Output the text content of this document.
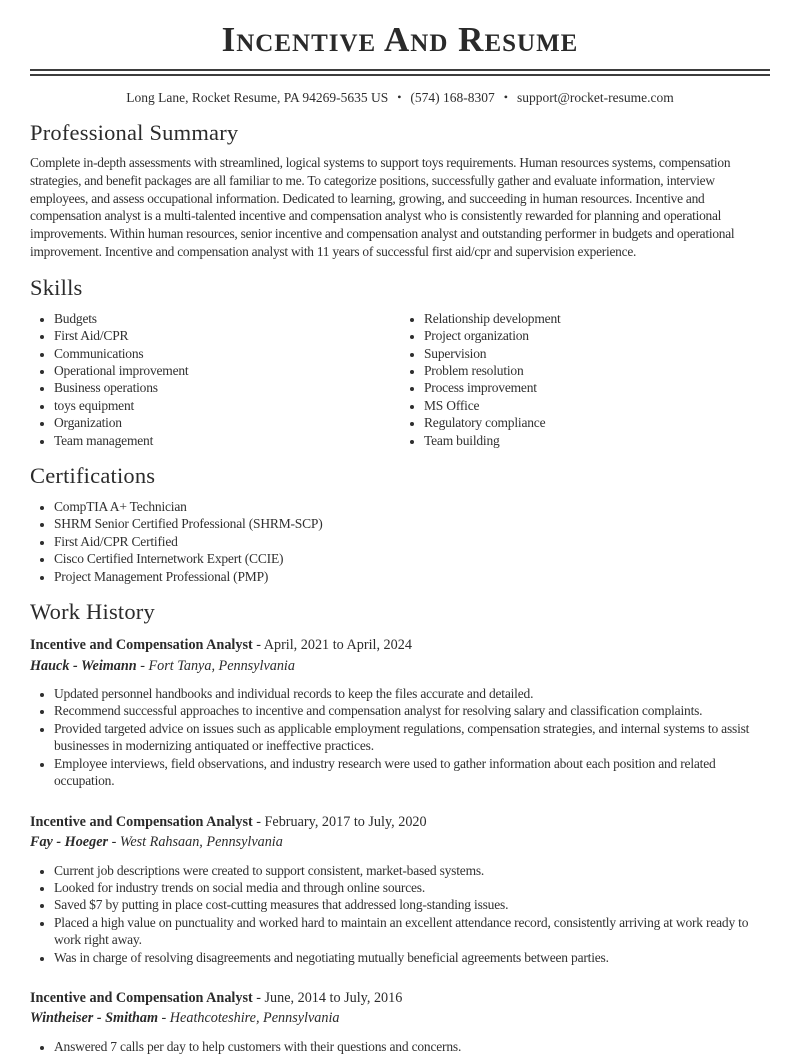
Incentive And Resume
Long Lane, Rocket Resume, PA 94269-5635 US • (574) 168-8307 • support@rocket-resume.com
Professional Summary

Complete in-depth assessments with streamlined, logical systems to support toys requirements. Human resources systems, compensation strategies, and benefit packages are all familiar to me. To categorize positions, successfully gather and evaluate information, interview employees, and assess occupational information. Dedicated to learning, growing, and succeeding in human resources. Incentive and compensation analyst is a multi-talented incentive and compensation analyst who is consistently rewarded for planning and operational improvements. Within human resources, senior incentive and compensation analyst and outstanding performer in budgets and operational improvement. Incentive and compensation analyst with 11 years of successful first aid/cpr and supervision experience.

Skills
• Budgets
• First Aid/CPR
• Communications
• Operational improvement
• Business operations
• toys equipment
• Organization
• Team management
• Relationship development
• Project organization
• Supervision
• Problem resolution
• Process improvement
• MS Office
• Regulatory compliance
• Team building
Certifications
• CompTIA A+ Technician
• SHRM Senior Certified Professional (SHRM-SCP)
• First Aid/CPR Certified
• Cisco Certified Internetwork Expert (CCIE)
• Project Management Professional (PMP)
Work History

Incentive and Compensation Analyst - April, 2021 to April, 2024

Hauck - Weimann - Fort Tanya, Pennsylvania

• Updated personnel handbooks and individual records to keep the files accurate and detailed.
• Recommend successful approaches to incentive and compensation analyst for resolving salary and classification complaints.
• Provided targeted advice on issues such as applicable employment regulations, compensation strategies, and internal systems to assist businesses in modernizing antiquated or ineffective practices.
• Employee interviews, field observations, and industry research were used to gather information about each position and related occupation.

Incentive and Compensation Analyst - February, 2017 to July, 2020

Fay - Hoeger - West Rahsaan, Pennsylvania

• Current job descriptions were created to support consistent, market-based systems.
• Looked for industry trends on social media and through online sources.
• Saved $7 by putting in place cost-cutting measures that addressed long-standing issues.
• Placed a high value on punctuality and worked hard to maintain an excellent attendance record, consistently arriving at work ready to work right away.
• Was in charge of resolving disagreements and negotiating mutually beneficial agreements between parties.

Incentive and Compensation Analyst - June, 2014 to July, 2016

Wintheiser - Smitham - Heathcoteshire, Pennsylvania

• Answered 7 calls per day to help customers with their questions and concerns.
